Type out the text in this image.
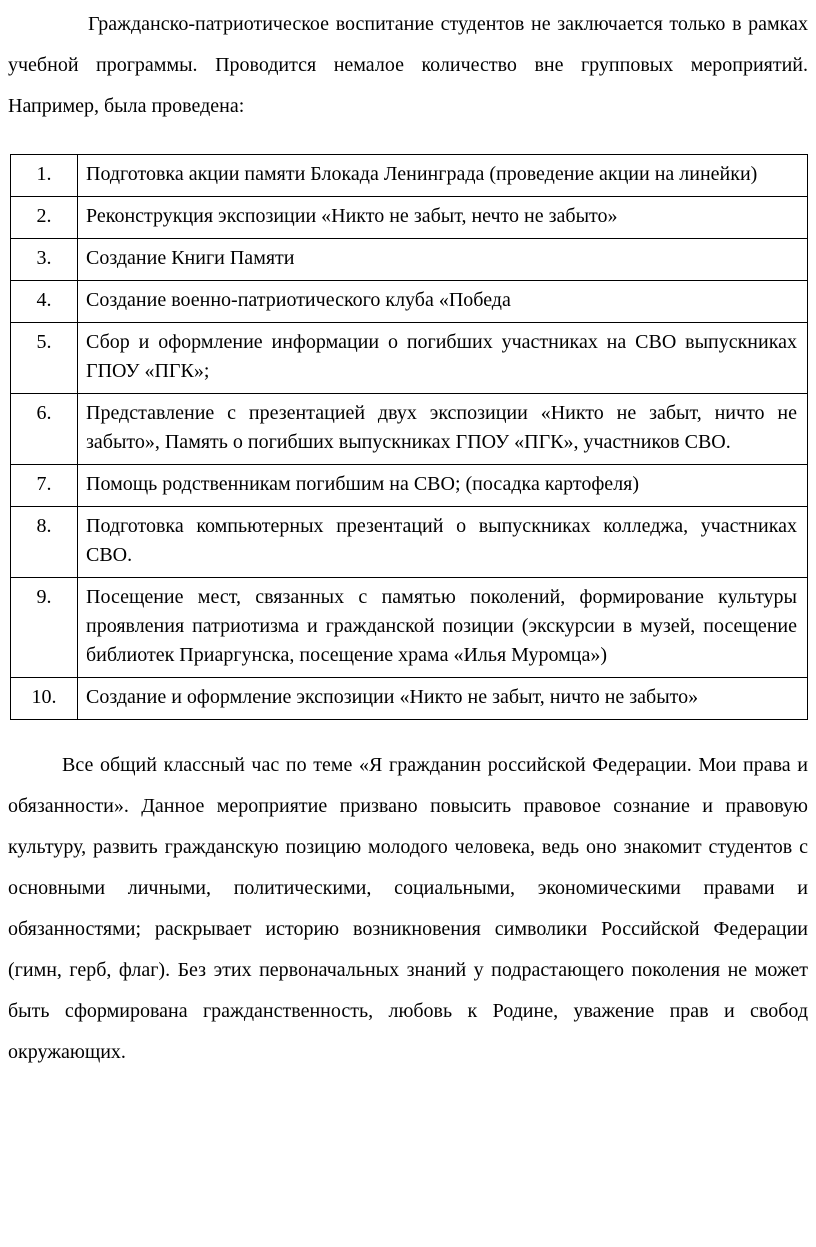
Гражданско-патриотическое воспитание студентов не заключается только в рамках учебной программы. Проводится немалое количество вне групповых мероприятий. Например, была проведена:

1.	Подготовка акции памяти Блокада Ленинграда (проведение акции на линейки)
2.	Реконструкция экспозиции «Никто не забыт, нечто не забыто»
3.	Создание Книги Памяти
4.	Создание военно-патриотического клуба «Победа
5.	Сбор и оформление информации о погибших участниках на СВО выпускниках ГПОУ «ПГК»;
6.	Представление с презентацией двух экспозиции «Никто не забыт, ничто не забыто», Память о погибших выпускниках ГПОУ «ПГК», участников СВО.
7.	Помощь родственникам погибшим на СВО; (посадка картофеля)
8.	Подготовка компьютерных презентаций о выпускниках колледжа, участниках СВО.
9.	Посещение мест, связанных с памятью поколений, формирование культуры проявления патриотизма и гражданской позиции (экскурсии в музей, посещение библиотек Приаргунска, посещение храма «Илья Муромца»)
10.	Создание и оформление экспозиции «Никто не забыт, ничто не забыто»

Все общий классный час по теме «Я гражданин российской Федерации. Мои права и обязанности». Данное мероприятие призвано повысить правовое сознание и правовую культуру, развить гражданскую позицию молодого человека, ведь оно знакомит студентов с основными личными, политическими, социальными, экономическими правами и обязанностями; раскрывает историю возникновения символики Российской Федерации (гимн, герб, флаг). Без этих первоначальных знаний у подрастающего поколения не может быть сформирована гражданственность, любовь к Родине, уважение прав и свобод окружающих.
